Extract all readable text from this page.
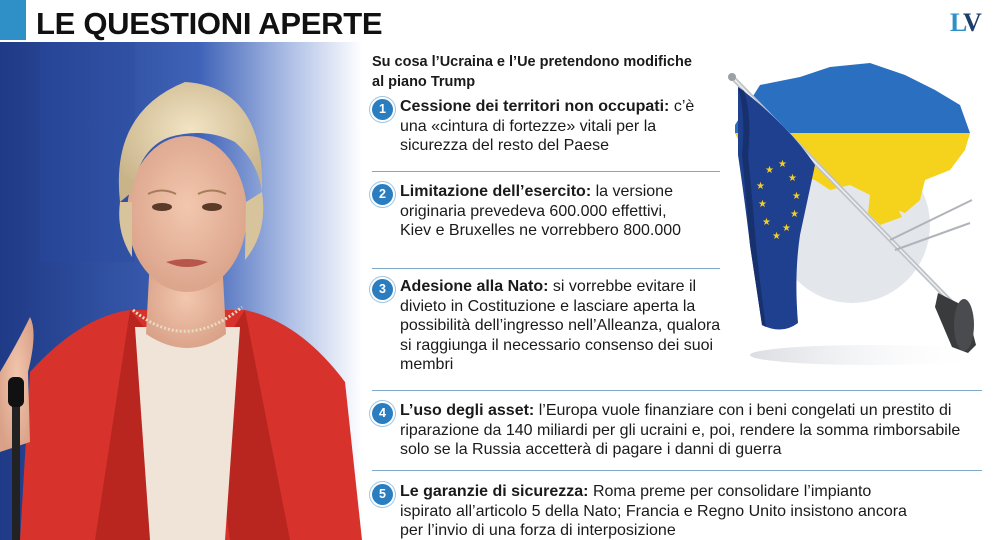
LE QUESTIONI APERTE	LV
Su cosa l’Ucraina e l’Ue pretendono modifiche al piano Trump
★
★
★
★
★
★
★
★
★
★
1 Cessione dei territori non occupati: c’è una «cintura di fortezze» vitali per la sicurezza del resto del Paese
2 Limitazione dell’esercito: la versione originaria prevedeva 600.000 effettivi, Kiev e Bruxelles ne vorrebbero 800.000
3 Adesione alla Nato: si vorrebbe evitare il divieto in Costituzione e lasciare aperta la possibilità dell’ingresso nell’Alleanza, qualora si raggiunga il necessario consenso dei suoi membri
4 L’uso degli asset: l’Europa vuole finanziare con i beni congelati un prestito di riparazione da 140 miliardi per gli ucraini e, poi, rendere la somma rimborsabile solo se la Russia accetterà di pagare i danni di guerra
5 Le garanzie di sicurezza: Roma preme per consolidare l’impianto ispirato all’articolo 5 della Nato; Francia e Regno Unito insistono ancora per l’invio di una forza di interposizione
